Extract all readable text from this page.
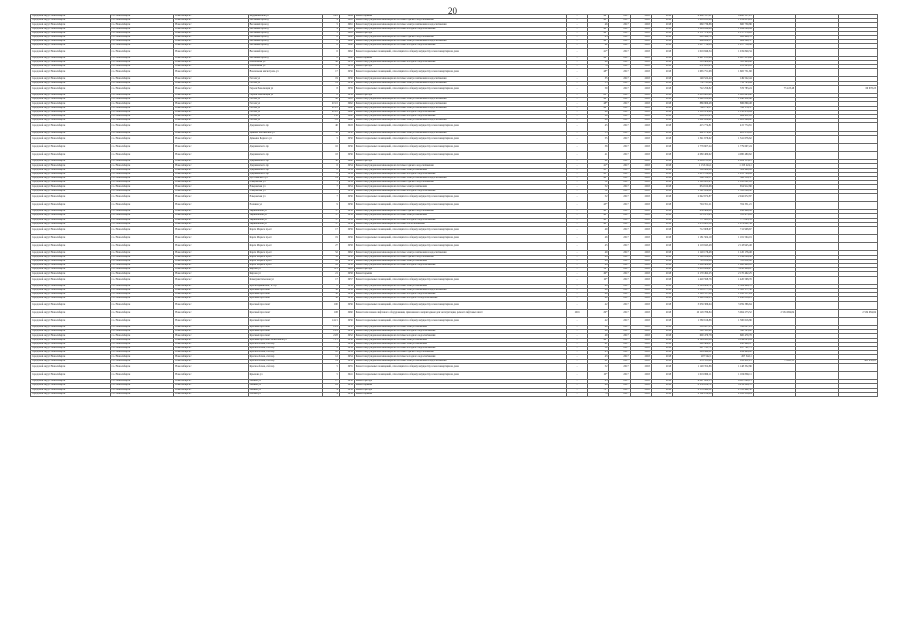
20
городской округ Новосибирск	г.о. Новосибирск	Новосибирск г	Бердышевская ул	19/2	1964	Ремонт крыши	-	49*	2017	2018	2018	4 480 517,21	4 480 517,21			
городской округ Новосибирск	г.о. Новосибирск	Новосибирск г	Весенний проезд	4	1961	Ремонт внутридомовой инженерной системы горячего водоснабжения	-	48*	2017	2018	2018	1 019 615,24	1 019 615,24			
городской округ Новосибирск	г.о. Новосибирск	Новосибирск г	Весенний проезд	5	1961	Ремонт внутридомовой инженерной системы электроснабжения и водоснабжения	-	46	2017	2018	2018	660 739,86	660 739,86			
городской округ Новосибирск	г.о. Новосибирск	Новосибирск г	Весенний проезд	4	1961	Ремонт внутридомовой инженерной системы холодного водоснабжения	-	48*	2017	2018	2018	1 094 094,44	1 094 094,44			
городской округ Новосибирск	г.о. Новосибирск	Новосибирск г	Весенний проезд	5	1961	Ремонт фасада	-	49*	2017	2018	2018	2 137 579,28	2 137 579,28			
городской округ Новосибирск	г.о. Новосибирск	Новосибирск г	Весенний проезд	6	1962	Ремонт внутридомовой инженерной системы горячего водоснабжения	-	43	2017	2018	2018	826 446,76	826 446,76			
городской округ Новосибирск	г.о. Новосибирск	Новосибирск г	Весенний проезд	6	1962	Ремонт внутридомовой инженерной системы электроснабжения и водоснабжения	-	46*	2017	2018	2018	669 269,37	669 269,37			
городской округ Новосибирск	г.о. Новосибирск	Новосибирск г	Весенний проезд	6	1962	Ремонт внутридомовой инженерной системы холодного водоснабжения	-	42	2017	2018	2018	1 017 759,88	1 017 759,88			
городской округ Новосибирск	г.о. Новосибирск	Новосибирск г	Весенний проезд	6	1962	Ремонт подвальных помещений, относящихся к общему имуществу в многоквартирном доме	-	41*	2017	2018	2018	1 019 849,34	1 019 849,34			
городской округ Новосибирск	г.о. Новосибирск	Новосибирск г	Весенний проезд	6	1962	Ремонт крыши	-	49*	2017	2018	2018	2 697 233,96	2 697 233,96			
городской округ Новосибирск	г.о. Новосибирск	Новосибирск г	Вокзальная ул	4а	1953	Ремонт внутридомовой инженерной системы холодного водоснабжения	-	49	2017	2018	2018	585 408,48	585 408,48			
городской округ Новосибирск	г.о. Новосибирск	Новосибирск г	Вокзальная ул	57	1953	Ремонт фасада	-	78	2017	2018	2018	851 265,45	851 265,45			
городской округ Новосибирск	г.о. Новосибирск	Новосибирск г	Вокзальная магистраль ул	17	1956	Ремонт подвальных помещений, относящихся к общему имуществу в многоквартирном доме	-	48*	2017	2018	2018	1 665 751,68	1 665 751,68			
городской округ Новосибирск	г.о. Новосибирск	Новосибирск г	Гоголя ул	19	1956	Ремонт внутридомовой инженерной системы электроснабжения и водоснабжения	-	35	2017	2018	2018	149 522,44	149 522,44			
городской округ Новосибирск	г.о. Новосибирск	Новосибирск г	Гоголя ул	19	1956	Ремонт внутридомовой инженерной системы электроснабжения и водоснабжения	-	35	2017	2018	2018	752 795,44	752 795,44			
городской округ Новосибирск	г.о. Новосибирск	Новосибирск г	Героев Революции ул	8	1959	Ремонт подвальных помещений, относящихся к общему имуществу в многоквартирном доме	-	59	2017	2018	2018	722 259,82	576 783,24	75 223,48		69 678,23
городской округ Новосибирск	г.о. Новосибирск	Новосибирск г	Героев Революции ул	6	1959	Ремонт фасада	-	68*	2017	2018	2018	2 885 665,40	2 885 665,40			
городской округ Новосибирск	г.о. Новосибирск	Новосибирск г	Гоголя ул	42	1961	Ремонт внутридомовой инженерной системы электроснабжения и водоснабжения	-	49*	2017	2018	2018	1 040 932,46	1 040 932,46			
городской округ Новосибирск	г.о. Новосибирск	Новосибирск г	Гоголя ул	215/2	1962	Ремонт внутридомовой инженерной системы электроснабжения и водоснабжения	-	48*	2017	2018	2018	886 869,48	886 869,48			
городской округ Новосибирск	г.о. Новосибирск	Новосибирск г	Гоголя ул	215/2	1962	Ремонт внутридомовой инженерной системы электроснабжения и водоснабжения	-	49*	2017	2018	2018	766 176,37	766 176,37			
городской округ Новосибирск	г.о. Новосибирск	Новосибирск г	Гоголя ул	215/2	1962	Ремонт внутридомовой инженерной системы холодного водоснабжения	-	49	2017	2018	2018	1 110 479,94	1 110 479,94			
городской округ Новосибирск	г.о. Новосибирск	Новосибирск г	Гоголя ул	15а	1962	Ремонт внутридомовой инженерной системы холодного водоснабжения	-	29	2017	2018	2018	864 451,45	864 451,45			
городской округ Новосибирск	г.о. Новосибирск	Новосибирск г	Гоголя ул	5/а	1960	Ремонт внутридомовой инженерной системы электроснабжения и водоснабжения	-	49	2017	2018	2018	1 061 266,42	1 061 266,42			
городской округ Новосибирск	г.о. Новосибирск	Новосибирск г	Дзержинского пр	40	1943	Ремонт подвальных помещений, относящихся к общему имуществу в многоквартирном доме	-	45	2017	2018	2018	415 774,81	415 774,81			
городской округ Новосибирск	г.о. Новосибирск	Новосибирск г	Динамо Балтийское ул	58	1952	Ремонт внутридомовой инженерной системы электроснабжения и водоснабжения	-	55	2017	2018	2018	461 279,41	461 279,41			
городской округ Новосибирск	г.о. Новосибирск	Новосибирск г	Демьяна Бедного ул	5	1950	Ремонт подвальных помещений, относящихся к общему имуществу в многоквартирном доме	-	55	2017	2018	2018	1 341 676,62	1 341 676,62			
городской округ Новосибирск	г.о. Новосибирск	Новосибирск г	Дзержинского пр	16	1956	Ремонт подвальных помещений, относящихся к общему имуществу в многоквартирном доме	-	36	2017	2018	2018	1 779 607,24	1 779 607,24			
городской округ Новосибирск	г.о. Новосибирск	Новосибирск г	Дзержинского пр	18	1956	Ремонт подвальных помещений, относящихся к общему имуществу в многоквартирном доме	-	41	2017	2018	2018	4 080 480,62	4 080 480,62			
городской округ Новосибирск	г.о. Новосибирск	Новосибирск г	Дзержинского пр	30	1960	Ремонт фасада	-	42	2017	2018	2018	2 004 153,21	2 004 153,21			
городской округ Новосибирск	г.о. Новосибирск	Новосибирск г	Дзержинского пр	6	1954	Ремонт внутридомовой инженерной системы горячего водоснабжения	-	41*	2017	2018	2018	1 153 224,1	1 153 224,1			
городской округ Новосибирск	г.о. Новосибирск	Новосибирск г	Дзержинского пр	6	1954	Ремонт внутридомовой инженерной системы электроснабжения	-	41*	2017	2018	2018	509 960,09	509 960,09			
городской округ Новосибирск	г.о. Новосибирск	Новосибирск г	Дзержинского пр	6	1954	Ремонт внутридомовой инженерной системы холодного водоснабжения	-	41*	2017	2018	2018	1 015 788,09	1 015 788,09			
городской округ Новосибирск	г.о. Новосибирск	Новосибирск г	Достоевского ул	14	1954	Ремонт внутридомовой инженерной системы электроснабжения и водоснабжения	-	48*	2017	2018	2018	566 538,57	566 538,57			
городской округ Новосибирск	г.о. Новосибирск	Новосибирск г	Ельцовская ул	5	1954	Ремонт внутридомовой инженерной системы горячего водоснабжения	-	52	2017	2018	2018	1 120 001,65	1 120 001,65			
городской округ Новосибирск	г.о. Новосибирск	Новосибирск г	Ельцовская ул	7	1954	Ремонт внутридомовой инженерной системы электроснабжения	-	52	2017	2018	2018	654 912,66	654 912,66			
городской округ Новосибирск	г.о. Новосибирск	Новосибирск г	Ельцовская ул	7	1954	Ремонт внутридомовой инженерной системы холодного водоснабжения	-	52	2017	2018	2018	1 341 089,82	1 341 089,82			
городской округ Новосибирск	г.о. Новосибирск	Новосибирск г	Ельцовская ул	7	1956	Ремонт подвальных помещений, относящихся к общему имуществу в многоквартирном доме	-	52	2017	2018	2018	2 042 672,87	2 042 672,87			
городской округ Новосибирск	г.о. Новосибирск	Новосибирск г	Есенина ул	9	1956	Ремонт подвальных помещений, относящихся к общему имуществу в многоквартирном доме	-	43*	2017	2018	2018	704 351,21	704 351,21			
городской округ Новосибирск	г.о. Новосибирск	Новосибирск г	Зыряновская ул	57	1959	Ремонт внутридомовой инженерной системы горячего водоснабжения	-	48*	2017	2018	2018	636 469,89	636 469,89			
городской округ Новосибирск	г.о. Новосибирск	Новосибирск г	Зыряновская ул	57	1959	Ремонт внутридомовой инженерной системы электроснабжения	-	48*	2017	2018	2018	313 475,63	313 475,63			
городской округ Новосибирск	г.о. Новосибирск	Новосибирск г	Зыряновская ул	57	1959	Ремонт внутридомовой инженерной системы холодного водоснабжения	-	48*	2017	2018	2018	777 065,33	777 065,33			
городской округ Новосибирск	г.о. Новосибирск	Новосибирск г	Зыряновская ул	57	1959	Ремонт внутридомовой инженерной системы теплоснабжения	-	48*	2017	2018	2018	1 079 601,39	1 079 601,39			
городской округ Новосибирск	г.о. Новосибирск	Новосибирск г	Карла Маркса пр-кт	17	1959	Ремонт подвальных помещений, относящихся к общему имуществу в многоквартирном доме	-	49	2017	2018	2018	712 908,67	712 908,67			
городской округ Новосибирск	г.о. Новосибирск	Новосибирск г	Карла Маркса пр-кт	19	1956	Ремонт подвальных помещений, относящихся к общему имуществу в многоквартирном доме	-	46	2017	2018	2018	1 181 504,19	1 181 504,19			
городской округ Новосибирск	г.о. Новосибирск	Новосибирск г	Карла Маркса пр-кт	27	1958	Ремонт подвальных помещений, относящихся к общему имуществу в многоквартирном доме	-	45	2017	2018	2018	2 118 945,48	2 118 945,48			
городской округ Новосибирск	г.о. Новосибирск	Новосибирск г	Карла Маркса пр-кт	52	1962	Ремонт внутридомовой инженерной системы электроснабжения и водоснабжения	-	49	2017	2018	2018	1 120 176,48	1 120 176,48			
городской округ Новосибирск	г.о. Новосибирск	Новосибирск г	Карла Маркса пр-кт	1а	1958	Ремонт внутридомовой инженерной системы горячего водоснабжения	-	48	2017	2018	2018	1 149 026,88	1 149 026,88			
городской округ Новосибирск	г.о. Новосибирск	Новосибирск г	Карла Маркса пр-кт	2а	1958	Ремонт внутридомовой инженерной системы электроснабжения	-	48	2017	2018	2018	765 652,06	765 652,06			
городской округ Новосибирск	г.о. Новосибирск	Новосибирск г	Карла Маркса пр-кт	2а	1958	Ремонт внутридомовой инженерной системы холодного водоснабжения	-	48	2017	2018	2018	1 068 400,61	1 068 400,61			
городской округ Новосибирск	г.о. Новосибирск	Новосибирск г	Кирова ул	6/3	1965	Ремонт фасада	-	59*	2017	2018	2018	3 018 924,67	3 018 924,67			
городской округ Новосибирск	г.о. Новосибирск	Новосибирск г	Кирова ул	21	1958	Ремонт крыши	-	49*	2017	2018	2018	2 170 492,25	2 170 492,25			
городской округ Новосибирск	г.о. Новосибирск	Новосибирск г	Коммунистическая ул	17	1957	Ремонт подвальных помещений, относящихся к общему имуществу в многоквартирном доме	-	10*	2017	2018	2018	1 420 598,76	1 420 598,76			
городской округ Новосибирск	г.о. Новосибирск	Новосибирск г	Красноармейская , 4 стр	8	1954	Ремонт внутридомовой инженерной системы электроснабжения	-	48	2017	2018	2018	2 324 906,72	2 324 906,72			
городской округ Новосибирск	г.о. Новосибирск	Новосибирск г	Красный проспект	56	1959	Ремонт внутридомовой инженерной системы электроснабжения и водоснабжения	-	69	2017	2018	2018	1 385 177,56	1 385 177,56			
городской округ Новосибирск	г.о. Новосибирск	Новосибирск г	Красный проспект	56	1959	Ремонт внутридомовой инженерной системы холодного водоснабжения	-	69	2017	2018	2018	1 128 557,24	1 128 557,24			
городской округ Новосибирск	г.о. Новосибирск	Новосибирск г	Красный проспект	56	1959	Ремонт внутридомовой инженерной системы холодного и водоснабжения	-	69	2017	2018	2018	1 290 814,23	1 290 814,23			
городской округ Новосибирск	г.о. Новосибирск	Новосибирск г	Красный проспект	100	1956	Ремонт подвальных помещений, относящихся к общему имуществу в многоквартирном доме	-	42	2017	2018	2018	3 059 386,64	3 059 386,64			
городской округ Новосибирск	г.о. Новосибирск	Новосибирск г	Красный проспект	108	1960	Ремонт или замена лифтового оборудования, признанного непригодным для эксплуатации, ремонт лифтовых шахт	1001	29*	2017	2018	2018	10 129 786,84	5 064 273,52	2 534 084,84		2 534 084,84
городской округ Новосибирск	г.о. Новосибирск	Новосибирск г	Красный проспект	141/1	1956	Ремонт подвальных помещений, относящихся к общему имуществу в многоквартирном доме	-	42	2017	2018	2018	1 580 616,86	1 580 616,86			
городской округ Новосибирск	г.о. Новосибирск	Новосибирск г	Красный проспект	21/9	1952	Ремонт внутридомовой инженерной системы электроснабжения	-	49	2017	2018	2018	516 827,23	516 827,23			
городской округ Новосибирск	г.о. Новосибирск	Новосибирск г	Красный проспект	21/9	1952	Ремонт внутридомовой инженерной системы холодного водоснабжения	-	49	2017	2018	2018	590 595,90	590 595,90			
городской округ Новосибирск	г.о. Новосибирск	Новосибирск г	Красный проспект	21/8	1952	Ремонт внутридомовой инженерной системы холодного водоснабжения	-	49	2017	2018	2018	600 479,78	600 479,78			
городской округ Новосибирск	г.о. Новосибирск	Новосибирск г	Красный проспект/Вокзальная ул	75/1	1956	Ремонт внутридомовой инженерной системы электроснабжения	-	49*	2017	2018	2018	6 144 895,04	6 144 895,04			
городской округ Новосибирск	г.о. Новосибирск	Новосибирск г	Краснообская, 2-й пер	7	1954	Ремонт внутридомовой инженерной системы электроснабжения	-	41	2017	2018	2018	290 469,87	290 469,87			
городской округ Новосибирск	г.о. Новосибирск	Новосибирск г	Краснообская, 2-й пер	9	1954	Ремонт внутридомовой инженерной системы холодного водоснабжения	-	39	2017	2018	2018	297 791,71	297 791,71			
городской округ Новосибирск	г.о. Новосибирск	Новосибирск г	Краснообская, 2-й пер	10	1954	Ремонт внутридомовой инженерной системы горячего водоснабжения	-	43	2017	2018	2018	294 448,02	294 448,02			
городской округ Новосибирск	г.о. Новосибирск	Новосибирск г	Краснообская, 2-й пер	12	1954	Ремонт внутридомовой инженерной системы холодного водоснабжения	-	43	2017	2018	2018	207 542,1	207 542,1			
городской округ Новосибирск	г.о. Новосибирск	Новосибирск г	Краснообская, 2-й пер	14	1959	Ремонт внутридомовой инженерной системы электроснабжения и водоснабжения	-	41	2017	2018	2018	233 355,89	182 451,25	73 893,15		461 432,63
городской округ Новосибирск	г.о. Новосибирск	Новосибирск г	Краснообская, 2-й пер	5	1955	Ремонт подвальных помещений, относящихся к общему имуществу в многоквартирном доме	-	52	2017	2018	2018	1 148 352,86	1 148 352,86			
городской округ Новосибирск	г.о. Новосибирск	Новосибирск г	Крылова ул	5	1941	Ремонт подвальных помещений, относящихся к общему имуществу в многоквартирном доме	-	10*	2017	2018	2018	1 019 869,11	1 019 869,11			
городской округ Новосибирск	г.о. Новосибирск	Новосибирск г	Ленина ул	17	1958	Ремонт фасада	-	43	2017	2018	2018	4 897 060,15	4 897 060,15			
городской округ Новосибирск	г.о. Новосибирск	Новосибирск г	Ленина ул	29	1954	Ремонт крыши	-	46	2017	2018	2018	8 259 226,72	8 259 226,72			
городской округ Новосибирск	г.о. Новосибирск	Новосибирск г	Ленина ул	4	1959	Ремонт фасада	-	72*	2017	2018	2018	2 533 442,32	2 533 442,32			
городской округ Новосибирск	г.о. Новосибирск	Новосибирск г	Лобова ул	4	1959	Ремонт крыши	-	78	2017	2018	2018	2 162 254,24	2 162 254,24			
